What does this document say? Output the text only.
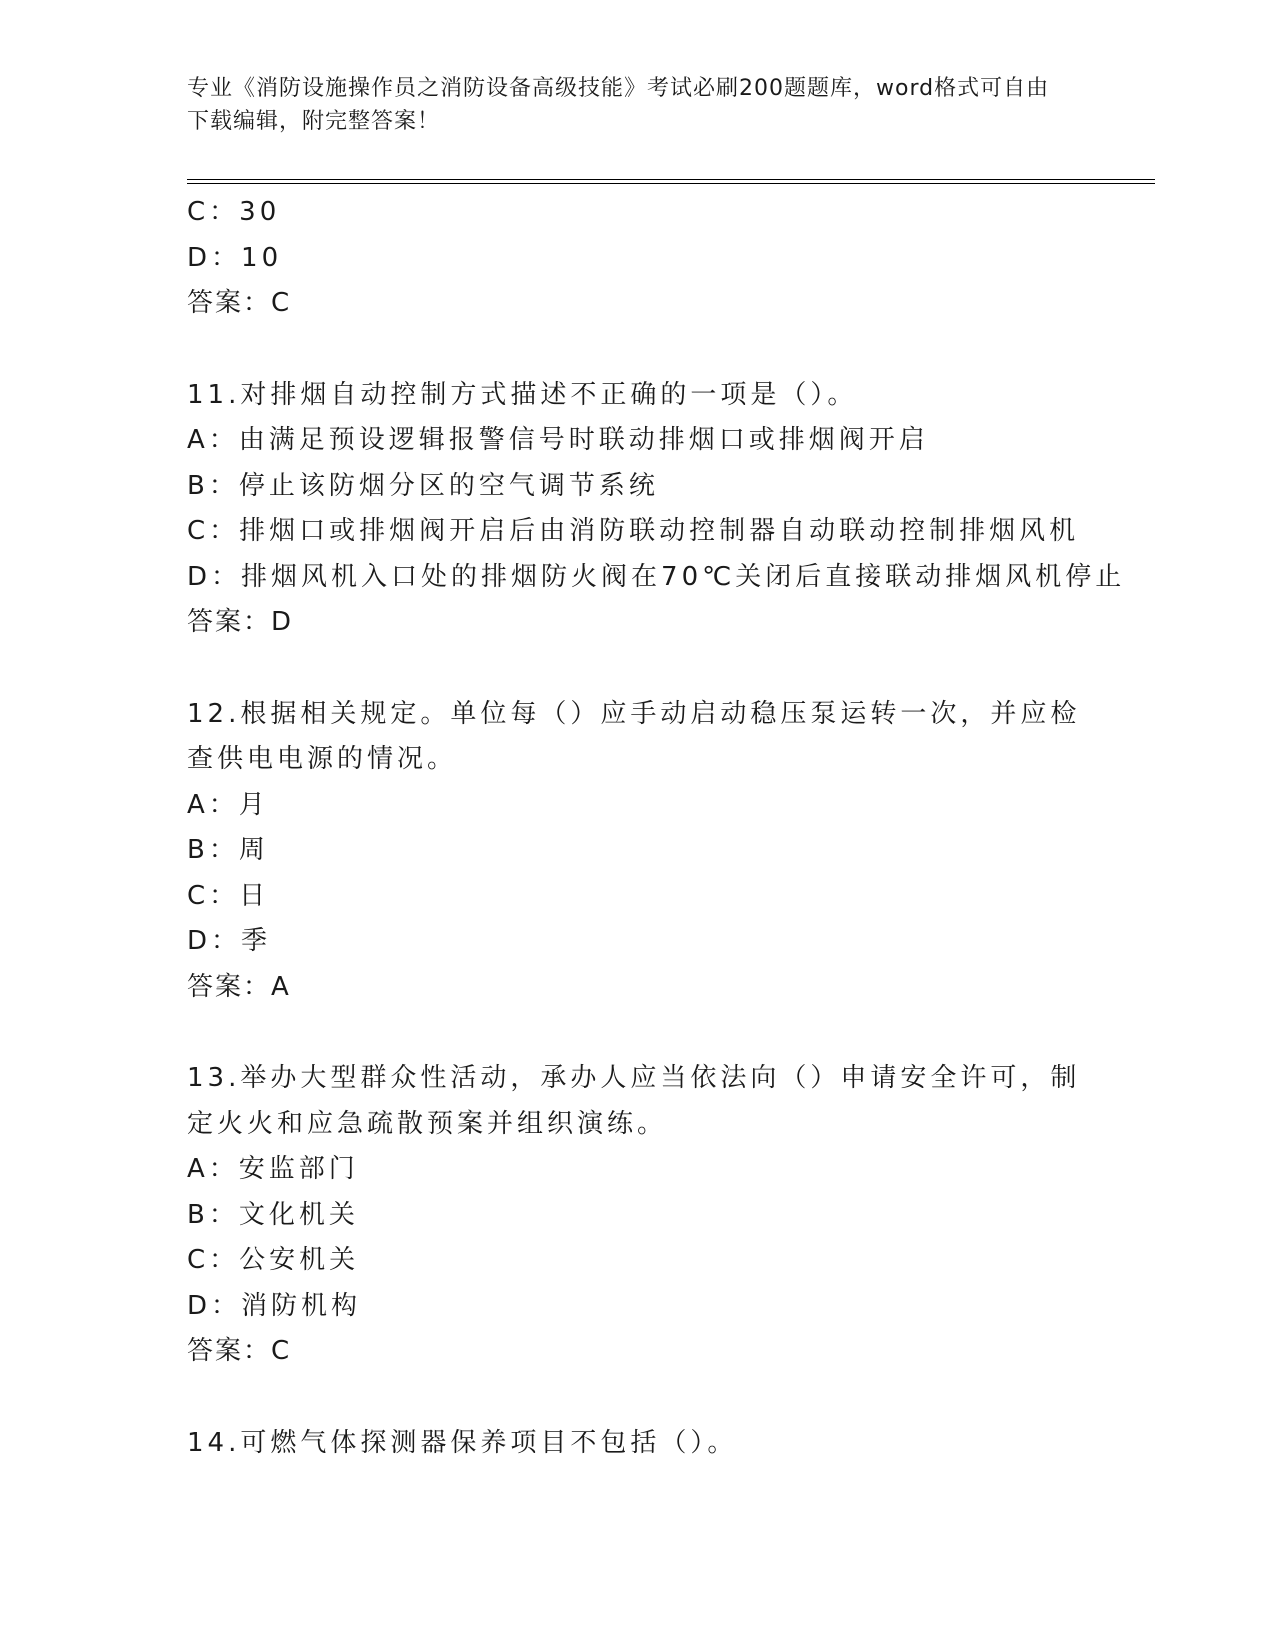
专业《消防设施操作员之消防设备高级技能》考试必刷200题题库，word格式可自由下载编辑，附完整答案！
C：30
D：10
答案：C
11.对排烟自动控制方式描述不正确的一项是（）。
A：由满足预设逻辑报警信号时联动排烟口或排烟阀开启
B：停止该防烟分区的空气调节系统
C：排烟口或排烟阀开启后由消防联动控制器自动联动控制排烟风机
D：排烟风机入口处的排烟防火阀在70℃关闭后直接联动排烟风机停止
答案：D
12.根据相关规定。单位每（）应手动启动稳压泵运转一次，并应检查供电电源的情况。
A：月
B：周
C：日
D：季
答案：A
13.举办大型群众性活动，承办人应当依法向（）申请安全许可，制定火火和应急疏散预案并组织演练。
A：安监部门
B：文化机关
C：公安机关
D：消防机构
答案：C
14.可燃气体探测器保养项目不包括（）。
